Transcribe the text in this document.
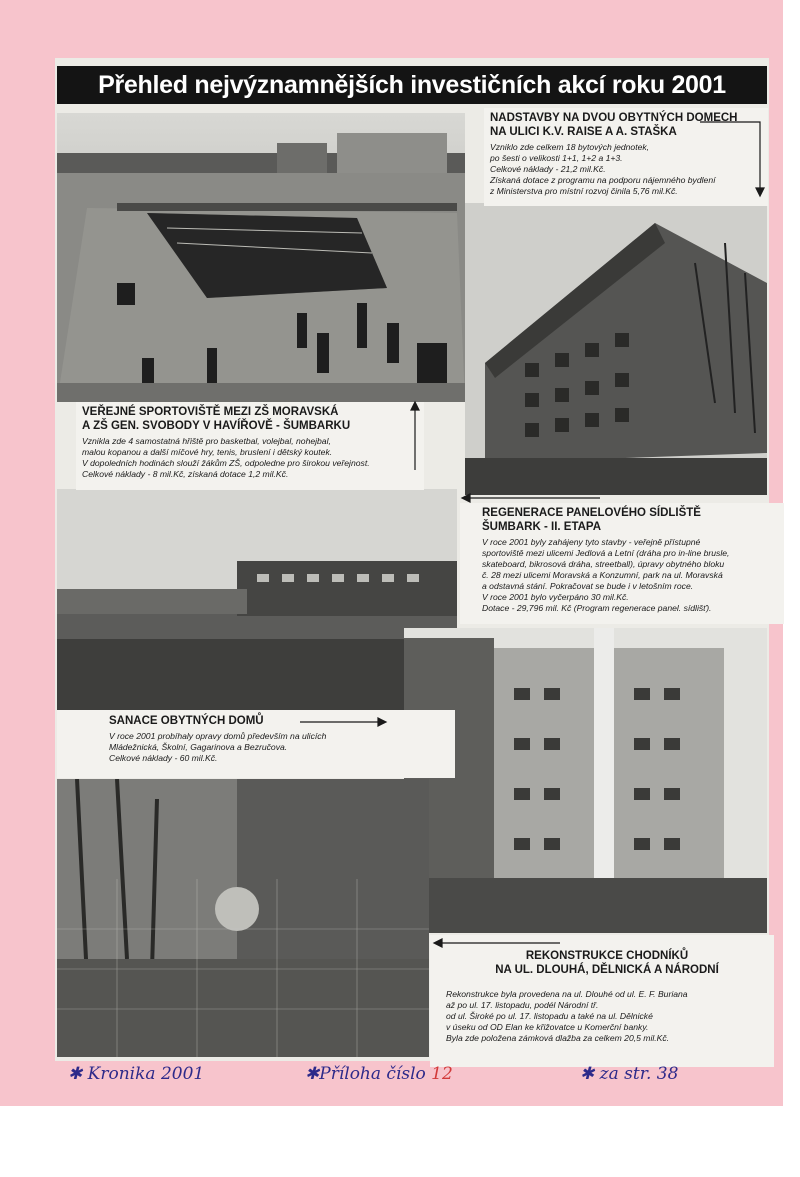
Přehled nejvýznamnějších investičních akcí roku 2001
NADSTAVBY NA DVOU OBYTNÝCH DOMECH
NA ULICI K.V. RAISE A A. STAŠKA
Vzniklo zde celkem 18 bytových jednotek,
po šesti o velikosti 1+1, 1+2 a 1+3.
Celkové náklady - 21,2 mil.Kč.
Získaná dotace z programu na podporu nájemného bydlení
z Ministerstva pro místní rozvoj činila 5,76 mil.Kč.
VEŘEJNÉ SPORTOVIŠTĚ MEZI ZŠ MORAVSKÁ
A ZŠ GEN. SVOBODY V HAVÍŘOVĚ - ŠUMBARKU
Vznikla zde 4 samostatná hřiště pro basketbal, volejbal, nohejbal,
malou kopanou a další míčové hry, tenis, bruslení i dětský koutek.
V dopoledních hodinách slouží žákům ZŠ, odpoledne pro širokou veřejnost.
Celkové náklady - 8 mil.Kč, získaná dotace 1,2 mil.Kč.
REGENERACE PANELOVÉHO SÍDLIŠTĚ
ŠUMBARK - II. ETAPA
V roce 2001 byly zahájeny tyto stavby - veřejně přístupné
sportoviště mezi ulicemi Jedlová a Letní (dráha pro in-line brusle,
skateboard, bikrosová dráha, streetball), úpravy obytného bloku
č. 28 mezi ulicemi Moravská a Konzumní, park na ul. Moravská
a odstavná stání. Pokračovat se bude i v letošním roce.
V roce 2001 bylo vyčerpáno 30 mil.Kč.
Dotace - 29,796 mil. Kč (Program regenerace panel. sídlišť).
SANACE OBYTNÝCH DOMŮ
V roce 2001 probíhaly opravy domů především na ulicích
Mládežnická, Školní, Gagarinova a Bezručova.
Celkové náklady - 60 mil.Kč.
REKONSTRUKCE CHODNÍKŮ
NA UL. DLOUHÁ, DĚLNICKÁ A NÁRODNÍ
Rekonstrukce byla provedena na ul. Dlouhé od ul. E. F. Buriana
až po ul. 17. listopadu, podél Národní tř.
od ul. Široké po ul. 17. listopadu a také na ul. Dělnické
v úseku od OD Elan ke křižovatce u Komerční banky.
Byla zde položena zámková dlažba za celkem 20,5 mil.Kč.
✱ Kronika 2001	✱Příloha číslo 12	✱ za str. 38
